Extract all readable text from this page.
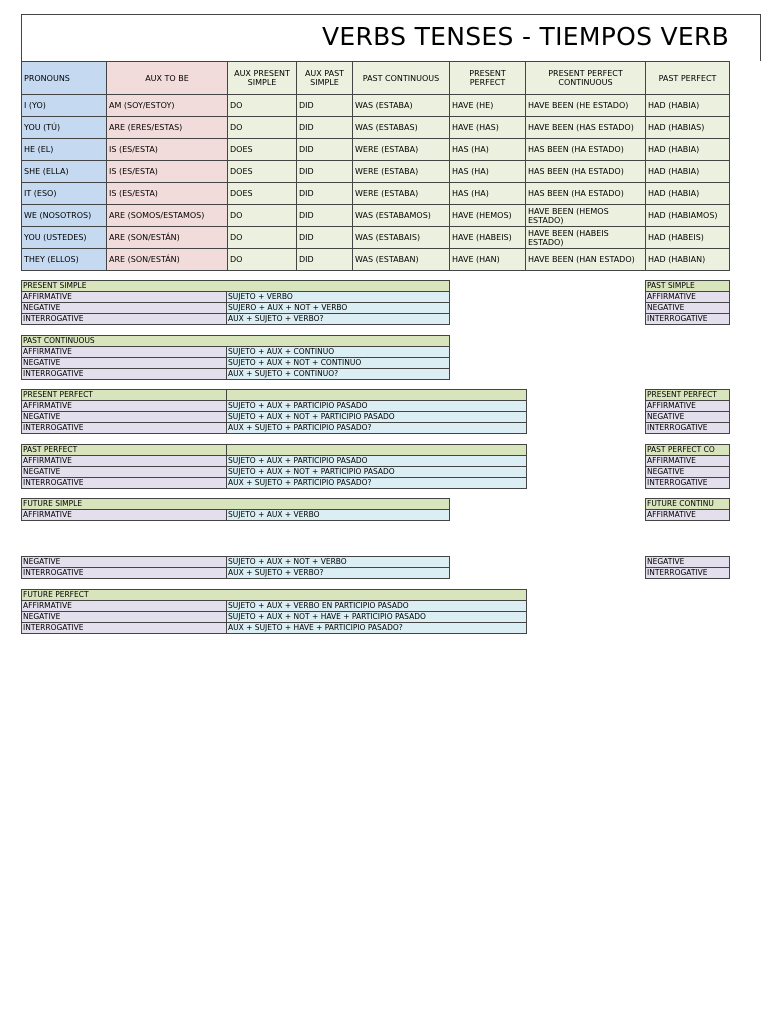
VERBS TENSES - TIEMPOS VERB
PRONOUNS	AUX TO BE	AUX PRESENT SIMPLE	AUX PAST SIMPLE	PAST CONTINUOUS	PRESENT PERFECT	PRESENT PERFECT CONTINUOUS	PAST PERFECT
I (YO)	AM (SOY/ESTOY)	DO	DID	WAS (ESTABA)	HAVE (HE)	HAVE BEEN (HE ESTADO)	HAD (HABIA)
YOU (TÚ)	ARE (ERES/ESTAS)	DO	DID	WAS (ESTABAS)	HAVE (HAS)	HAVE BEEN (HAS ESTADO)	HAD (HABIAS)
HE (EL)	IS (ES/ESTA)	DOES	DID	WERE (ESTABA)	HAS (HA)	HAS BEEN (HA ESTADO)	HAD (HABIA)
SHE (ELLA)	IS (ES/ESTA)	DOES	DID	WERE (ESTABA)	HAS (HA)	HAS BEEN (HA ESTADO)	HAD (HABIA)
IT (ESO)	IS (ES/ESTA)	DOES	DID	WERE (ESTABA)	HAS (HA)	HAS BEEN (HA ESTADO)	HAD (HABIA)
WE (NOSOTROS)	ARE (SOMOS/ESTAMOS)	DO	DID	WAS (ESTABAMOS)	HAVE (HEMOS)	HAVE BEEN (HEMOS ESTADO)	HAD (HABIAMOS)
YOU (USTEDES)	ARE (SON/ESTÁN)	DO	DID	WAS (ESTABAIS)	HAVE (HABEIS)	HAVE BEEN (HABEIS ESTADO)	HAD (HABEIS)
THEY (ELLOS)	ARE (SON/ESTÁN)	DO	DID	WAS (ESTABAN)	HAVE (HAN)	HAVE BEEN (HAN ESTADO)	HAD (HABIAN)
PRESENT SIMPLE	
AFFIRMATIVE	SUJETO + VERBO
NEGATIVE	SUJERO + AUX + NOT + VERBO
INTERROGATIVE	AUX + SUJETO + VERBO?
PAST CONTINUOUS	
AFFIRMATIVE	SUJETO + AUX + CONTINUO
NEGATIVE	SUJETO + AUX + NOT + CONTINUO
INTERROGATIVE	AUX + SUJETO + CONTINUO?
PRESENT PERFECT	
AFFIRMATIVE	SUJETO + AUX + PARTICIPIO PASADO
NEGATIVE	SUJETO + AUX + NOT + PARTICIPIO PASADO
INTERROGATIVE	AUX + SUJETO + PARTICIPIO PASADO?
PAST PERFECT	
AFFIRMATIVE	SUJETO + AUX + PARTICIPIO PASADO
NEGATIVE	SUJETO + AUX + NOT + PARTICIPIO PASADO
INTERROGATIVE	AUX + SUJETO + PARTICIPIO PASADO?
FUTURE SIMPLE
AFFIRMATIVE	SUJETO + AUX + VERBO
NEGATIVE	SUJETO + AUX + NOT + VERBO
INTERROGATIVE	AUX + SUJETO + VERBO?
FUTURE PERFECT	
AFFIRMATIVE	SUJETO + AUX + VERBO EN PARTICIPIO PASADO
NEGATIVE	SUJETO + AUX + NOT + HAVE + PARTICIPIO PASADO
INTERROGATIVE	AUX + SUJETO + HAVE + PARTICIPIO PASADO?
PAST SIMPLE
AFFIRMATIVE
NEGATIVE
INTERROGATIVE
PRESENT PERFECT
AFFIRMATIVE
NEGATIVE
INTERROGATIVE
PAST PERFECT CO
AFFIRMATIVE
NEGATIVE
INTERROGATIVE
FUTURE CONTINU
AFFIRMATIVE
NEGATIVE
INTERROGATIVE
